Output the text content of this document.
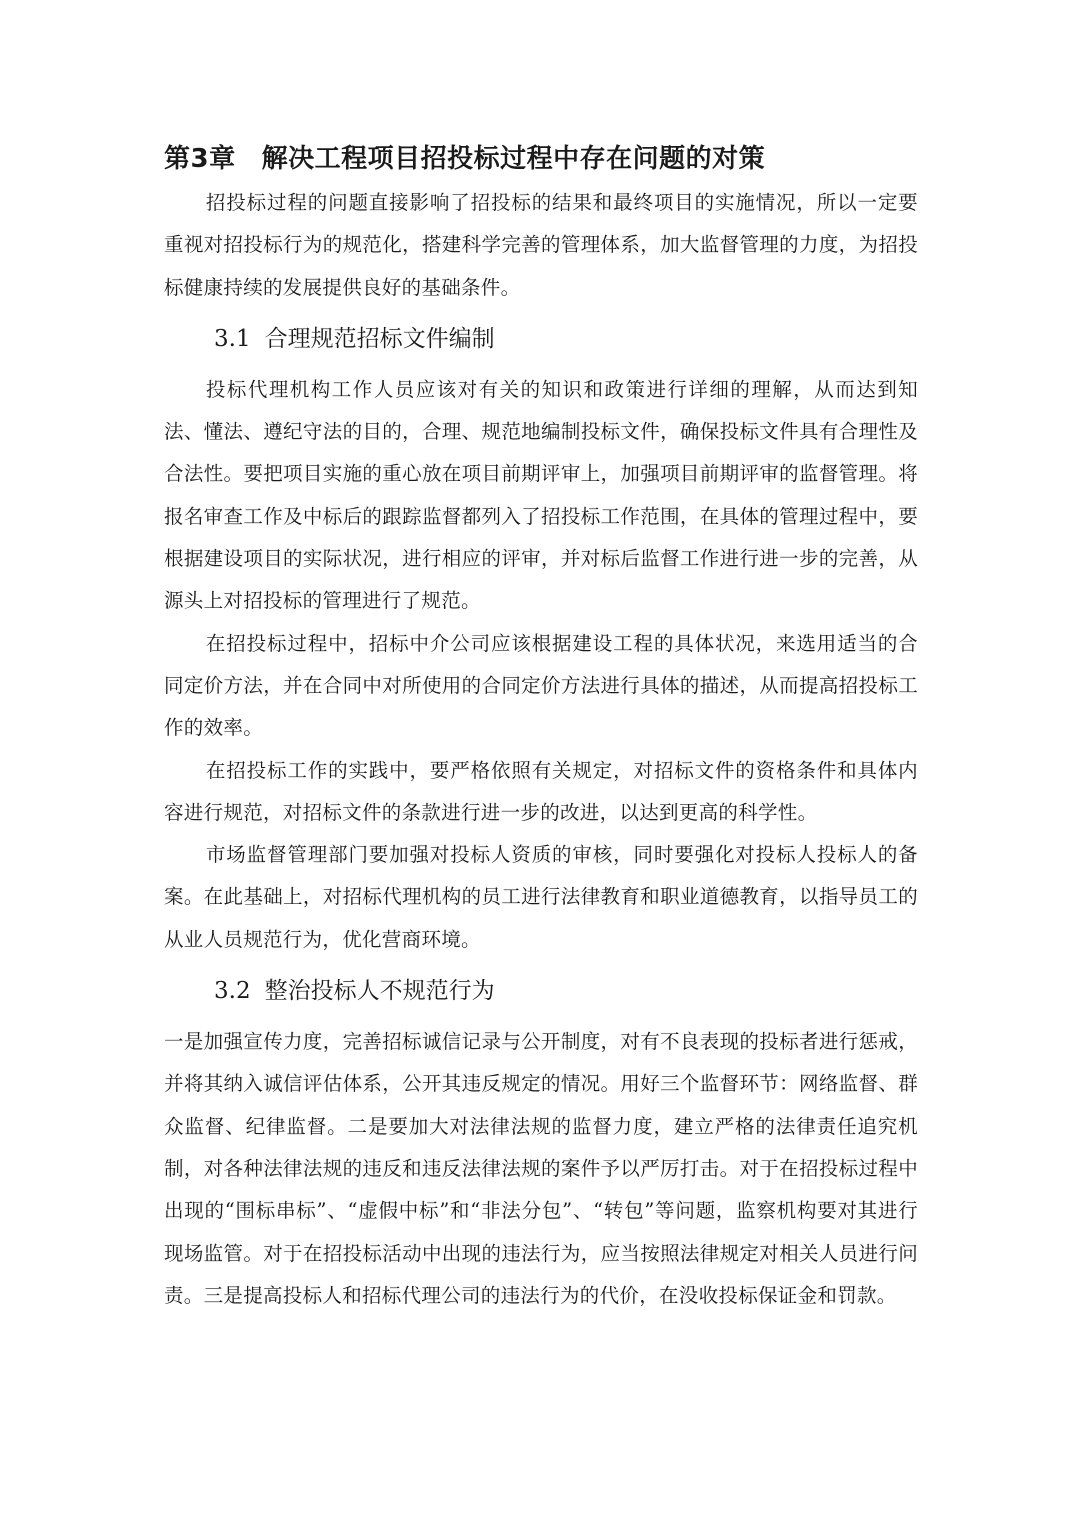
第3章 解决工程项目招投标过程中存在问题的对策

招投标过程的问题直接影响了招投标的结果和最终项目的实施情况，所以一定要重视对招投标行为的规范化，搭建科学完善的管理体系，加大监督管理的力度，为招投标健康持续的发展提供良好的基础条件。

3.1 合理规范招标文件编制

投标代理机构工作人员应该对有关的知识和政策进行详细的理解，从而达到知法、懂法、遵纪守法的目的，合理、规范地编制投标文件，确保投标文件具有合理性及合法性。要把项目实施的重心放在项目前期评审上，加强项目前期评审的监督管理。将报名审查工作及中标后的跟踪监督都列入了招投标工作范围，在具体的管理过程中，要根据建设项目的实际状况，进行相应的评审，并对标后监督工作进行进一步的完善，从源头上对招投标的管理进行了规范。

在招投标过程中，招标中介公司应该根据建设工程的具体状况，来选用适当的合同定价方法，并在合同中对所使用的合同定价方法进行具体的描述，从而提高招投标工作的效率。

在招投标工作的实践中，要严格依照有关规定，对招标文件的资格条件和具体内容进行规范，对招标文件的条款进行进一步的改进，以达到更高的科学性。

市场监督管理部门要加强对投标人资质的审核，同时要强化对投标人投标人的备案。在此基础上，对招标代理机构的员工进行法律教育和职业道德教育，以指导员工的从业人员规范行为，优化营商环境。

3.2 整治投标人不规范行为

一是加强宣传力度，完善招标诚信记录与公开制度，对有不良表现的投标者进行惩戒，并将其纳入诚信评估体系，公开其违反规定的情况。用好三个监督环节：网络监督、群众监督、纪律监督。二是要加大对法律法规的监督力度，建立严格的法律责任追究机制，对各种法律法规的违反和违反法律法规的案件予以严厉打击。对于在招投标过程中出现的“围标串标”、“虚假中标”和“非法分包”、“转包”等问题，监察机构要对其进行现场监管。对于在招投标活动中出现的违法行为，应当按照法律规定对相关人员进行问责。三是提高投标人和招标代理公司的违法行为的代价，在没收投标保证金和罚款。
